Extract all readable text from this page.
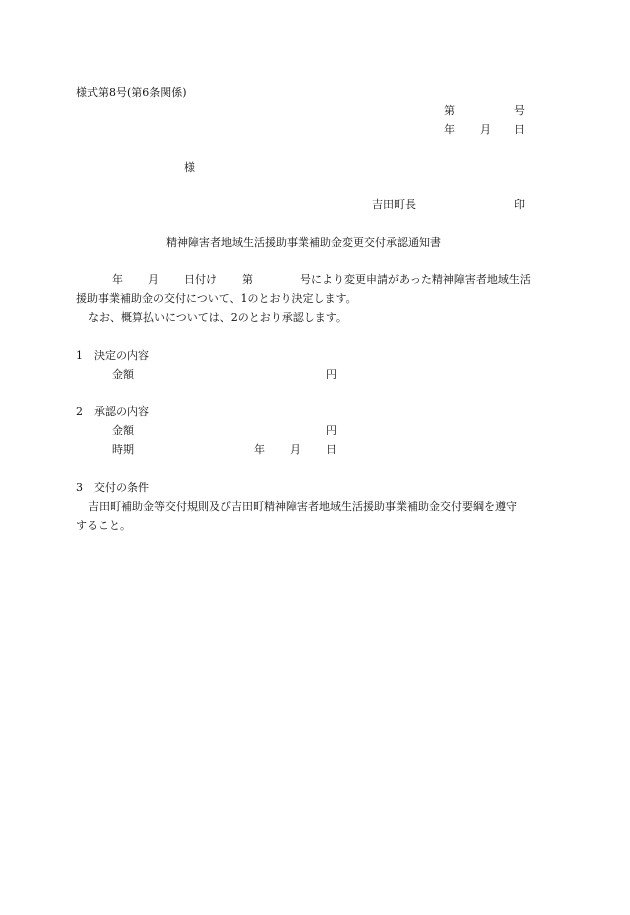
様式第8号(第6条関係)
第	号
年 月 日
様
吉田町長	印
精神障害者地域生活援助事業補助金変更交付承認通知書
年 月 日付け 第	号により変更申請があった精神障害者地域生活
援助事業補助金の交付について、1のとおり決定します。
なお、概算払いについては、2のとおり承認します。
1　決定の内容
金額	円
2　承認の内容
金額	円
時期	年 月 日
3　交付の条件
吉田町補助金等交付規則及び吉田町精神障害者地域生活援助事業補助金交付要綱を遵守
すること。
